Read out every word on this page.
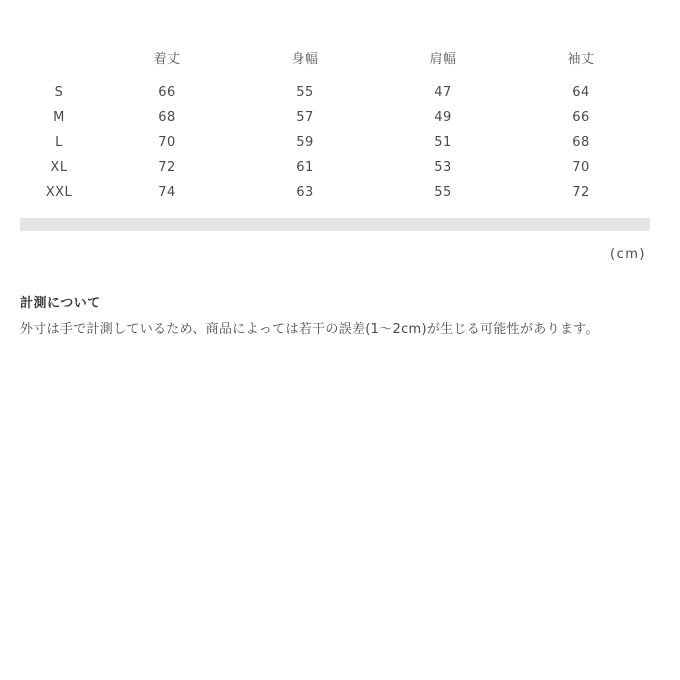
	着丈	身幅	肩幅	袖丈

S	66	55	47	64
M	68	57	49	66
L	70	59	51	68
XL	72	61	53	70
XXL	74	63	55	72
(cm)
計測について
外寸は手で計測しているため、商品によっては若干の誤差(1〜2cm)が生じる可能性があります。
